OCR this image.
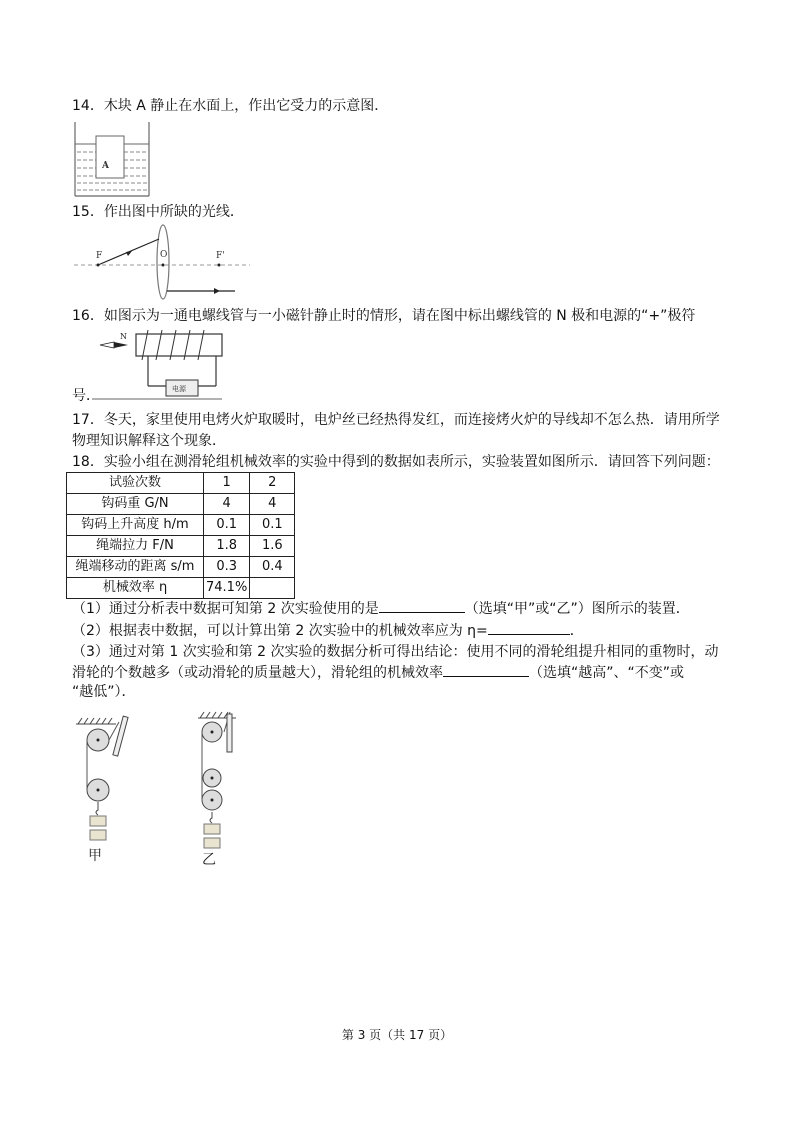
14．木块 A 静止在水面上，作出它受力的示意图．
A
15．作出图中所缺的光线．
F	O	F'
16．如图示为一通电螺线管与一小磁针静止时的情形，请在图中标出螺线管的 N 极和电源的“+”极符
N
电源
号．
17．冬天，家里使用电烤火炉取暖时，电炉丝已经热得发红，而连接烤火炉的导线却不怎么热．请用所学
物理知识解释这个现象．
18．实验小组在测滑轮组机械效率的实验中得到的数据如表所示，实验装置如图所示．请回答下列问题：
试验次数	1	2
钩码重 G/N	4	4
钩码上升高度 h/m	0.1	0.1
绳端拉力 F/N	1.8	1.6
绳端移动的距离 s/m	0.3	0.4
机械效率 η	74.1%	
（1）通过分析表中数据可知第 2 次实验使用的是	（选填“甲”或“乙”）图所示的装置．
（2）根据表中数据，可以计算出第 2 次实验中的机械效率应为 η=	．
（3）通过对第 1 次实验和第 2 次实验的数据分析可得出结论：使用不同的滑轮组提升相同的重物时，动
滑轮的个数越多（或动滑轮的质量越大），滑轮组的机械效率	（选填“越高”、“不变”或
“越低”）．
甲	乙
第 3 页（共 17 页）
